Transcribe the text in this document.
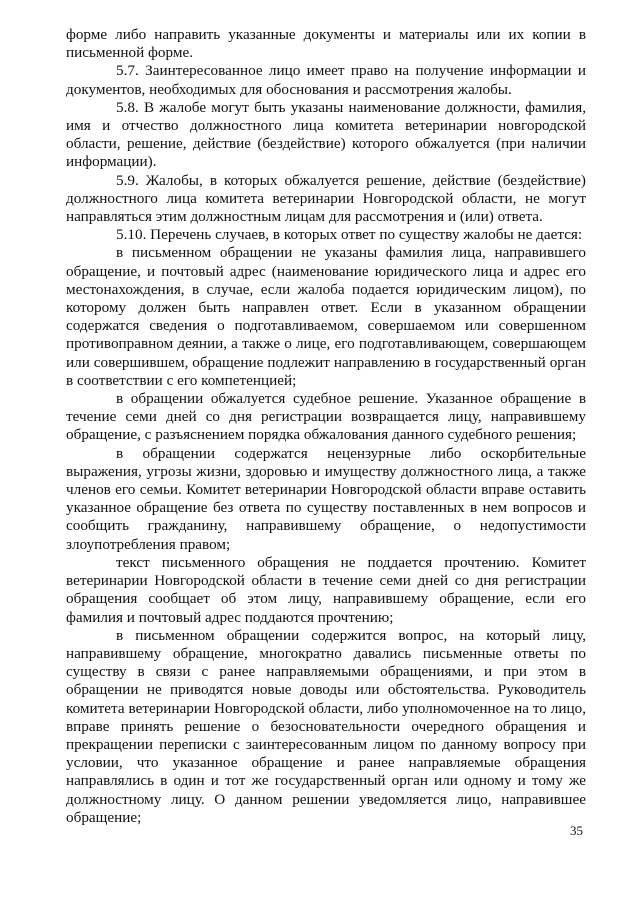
форме либо направить указанные документы и материалы или их копии в письменной форме.

5.7. Заинтересованное лицо имеет право на получение информации и документов, необходимых для обоснования и рассмотрения жалобы.

5.8. В жалобе могут быть указаны наименование должности, фамилия, имя и отчество должностного лица комитета ветеринарии новгородской области, решение, действие (бездействие) которого обжалуется (при наличии информации).

5.9. Жалобы, в которых обжалуется решение, действие (бездействие) должностного лица комитета ветеринарии Новгородской области, не могут направляться этим должностным лицам для рассмотрения и (или) ответа.

5.10. Перечень случаев, в которых ответ по существу жалобы не дается:

в письменном обращении не указаны фамилия лица, направившего обращение, и почтовый адрес (наименование юридического лица и адрес его местонахождения, в случае, если жалоба подается юридическим лицом), по которому должен быть направлен ответ. Если в указанном обращении содержатся сведения о подготавливаемом, совершаемом или совершенном противоправном деянии, а также о лице, его подготавливающем, совершающем или совершившем, обращение подлежит направлению в государственный орган в соответствии с его компетенцией;

в обращении обжалуется судебное решение. Указанное обращение в течение семи дней со дня регистрации возвращается лицу, направившему обращение, с разъяснением порядка обжалования данного судебного решения;

в обращении содержатся нецензурные либо оскорбительные выражения, угрозы жизни, здоровью и имуществу должностного лица, а также членов его семьи. Комитет ветеринарии Новгородской области вправе оставить указанное обращение без ответа по существу поставленных в нем вопросов и сообщить гражданину, направившему обращение, о недопустимости злоупотребления правом;

текст письменного обращения не поддается прочтению. Комитет ветеринарии Новгородской области в течение семи дней со дня регистрации обращения сообщает об этом лицу, направившему обращение, если его фамилия и почтовый адрес поддаются прочтению;

в письменном обращении содержится вопрос, на который лицу, направившему обращение, многократно давались письменные ответы по существу в связи с ранее направляемыми обращениями, и при этом в обращении не приводятся новые доводы или обстоятельства. Руководитель комитета ветеринарии Новгородской области, либо уполномоченное на то лицо, вправе принять решение о безосновательности очередного обращения и прекращении переписки с заинтересованным лицом по данному вопросу при условии, что указанное обращение и ранее направляемые обращения направлялись в один и тот же государственный орган или одному и тому же должностному лицу. О данном решении уведомляется лицо, направившее обращение;

35
